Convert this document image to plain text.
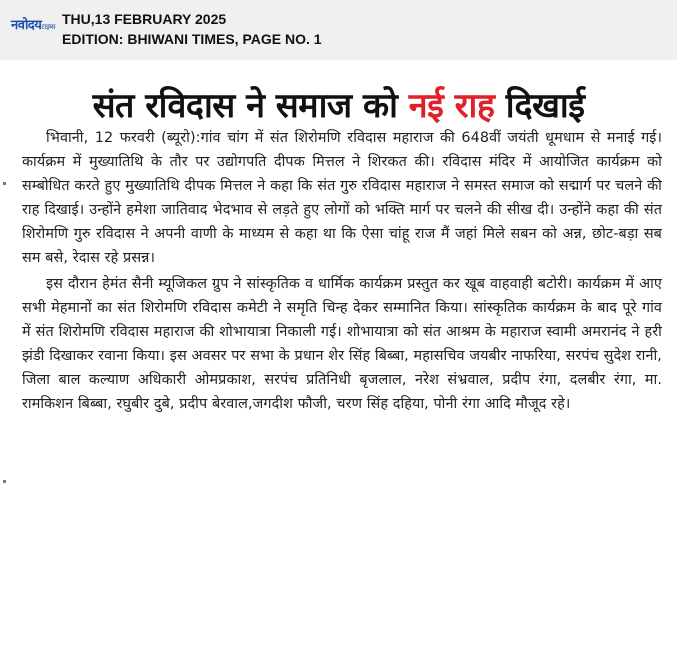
नवोदयटाइम्स THU,13 FEBRUARY 2025
EDITION: BHIWANI TIMES, PAGE NO. 1
संत रविदास ने समाज को नई राह दिखाई

भिवानी, 12 फरवरी (ब्यूरो):गांव चांग में संत शिरोमणि रविदास महाराज की 648वीं जयंती धूमधाम से मनाई गई। कार्यक्रम में मुख्यातिथि के तौर पर उद्योगपति दीपक मित्तल ने शिरकत की। रविदास मंदिर में आयोजित कार्यक्रम को सम्बोधित करते हुए मुख्यातिथि दीपक मित्तल ने कहा कि संत गुरु रविदास महाराज ने समस्त समाज को सद्मार्ग पर चलने की राह दिखाई। उन्होंने हमेशा जातिवाद भेदभाव से लड़ते हुए लोगों को भक्ति मार्ग पर चलने की सीख दी। उन्होंने कहा की संत शिरोमणि गुरु रविदास ने अपनी वाणी के माध्यम से कहा था कि ऐसा चांहू राज मैं जहां मिले सबन को अन्न, छोट-बड़ा सब सम बसे, रेदास रहे प्रसन्न।

इस दौरान हेमंत सैनी म्यूजिकल ग्रुप ने सांस्कृतिक व धार्मिक कार्यक्रम प्रस्तुत कर खूब वाहवाही बटोरी। कार्यक्रम में आए सभी मेहमानों का संत शिरोमणि रविदास कमेटी ने समृति चिन्ह देकर सम्मानित किया। सांस्कृतिक कार्यक्रम के बाद पूरे गांव में संत शिरोमणि रविदास महाराज की शोभायात्रा निकाली गई। शोभायात्रा को संत आश्रम के महाराज स्वामी अमरानंद ने हरी झंडी दिखाकर रवाना किया। इस अवसर पर सभा के प्रधान शेर सिंह बिब्बा, महासचिव जयबीर नाफरिया, सरपंच सुदेश रानी, जिला बाल कल्याण अधिकारी ओमप्रकाश, सरपंच प्रतिनिधी बृजलाल, नरेश संभ्रवाल, प्रदीप रंगा, दलबीर रंगा, मा. रामकिशन बिब्बा, रघुबीर दुबे, प्रदीप बेरवाल,जगदीश फौजी, चरण सिंह दहिया, पोनी रंगा आदि मौजूद रहे।
